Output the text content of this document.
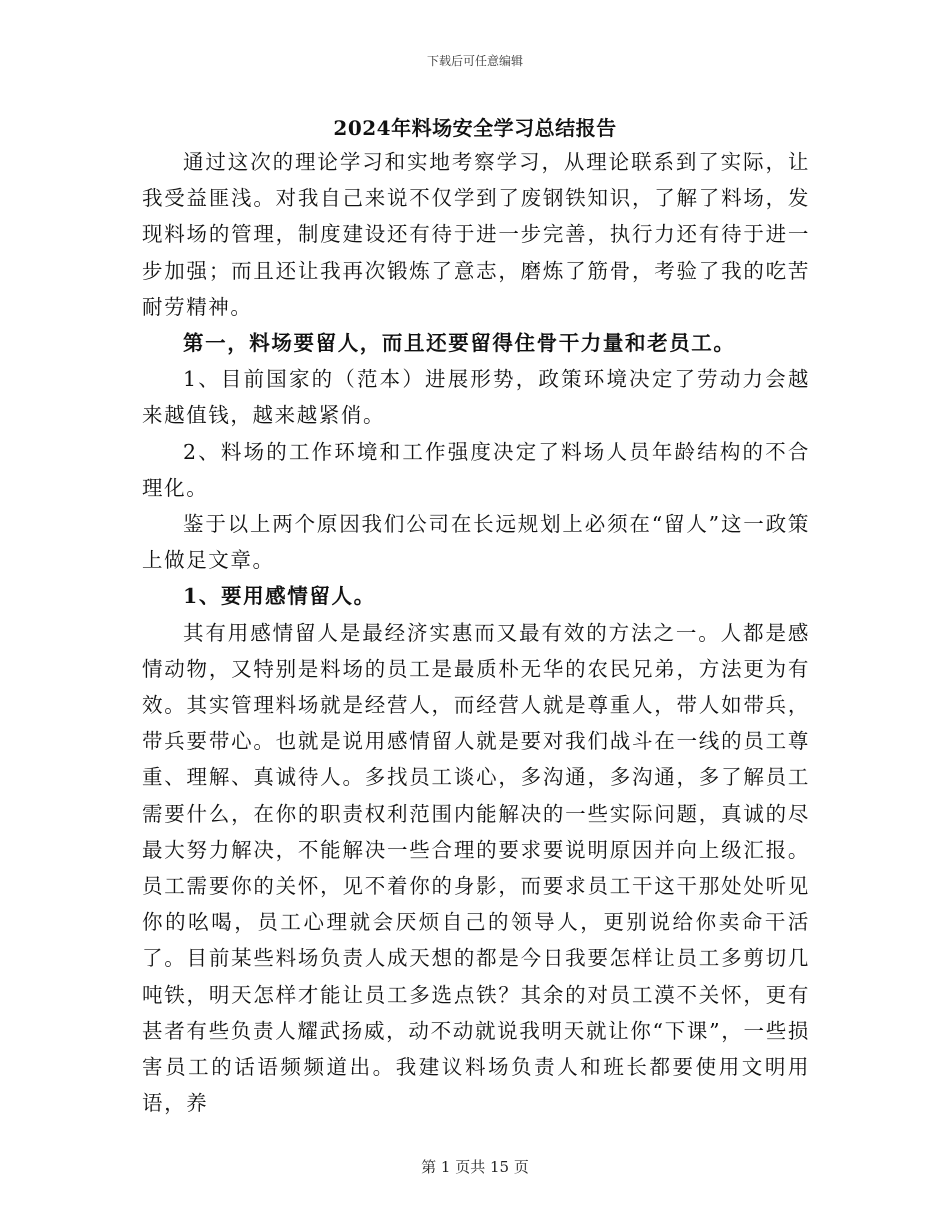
下载后可任意编辑
2024年料场安全学习总结报告

通过这次的理论学习和实地考察学习，从理论联系到了实际，让我受益匪浅。对我自己来说不仅学到了废钢铁知识，了解了料场，发现料场的管理，制度建设还有待于进一步完善，执行力还有待于进一步加强；而且还让我再次锻炼了意志，磨炼了筋骨，考验了我的吃苦耐劳精神。

第一，料场要留人，而且还要留得住骨干力量和老员工。

1、目前国家的（范本）进展形势，政策环境决定了劳动力会越来越值钱，越来越紧俏。

2、料场的工作环境和工作强度决定了料场人员年龄结构的不合理化。

鉴于以上两个原因我们公司在长远规划上必须在“留人”这一政策上做足文章。

1、要用感情留人。

其有用感情留人是最经济实惠而又最有效的方法之一。人都是感情动物，又特别是料场的员工是最质朴无华的农民兄弟，方法更为有效。其实管理料场就是经营人，而经营人就是尊重人，带人如带兵，带兵要带心。也就是说用感情留人就是要对我们战斗在一线的员工尊重、理解、真诚待人。多找员工谈心，多沟通，多沟通，多了解员工需要什么，在你的职责权利范围内能解决的一些实际问题，真诚的尽最大努力解决，不能解决一些合理的要求要说明原因并向上级汇报。员工需要你的关怀，见不着你的身影，而要求员工干这干那处处听见你的吆喝，员工心理就会厌烦自己的领导人，更别说给你卖命干活了。目前某些料场负责人成天想的都是今日我要怎样让员工多剪切几吨铁，明天怎样才能让员工多选点铁？其余的对员工漠不关怀，更有甚者有些负责人耀武扬威，动不动就说我明天就让你“下课”，一些损害员工的话语频频道出。我建议料场负责人和班长都要使用文明用语，养

第 1 页共 15 页
